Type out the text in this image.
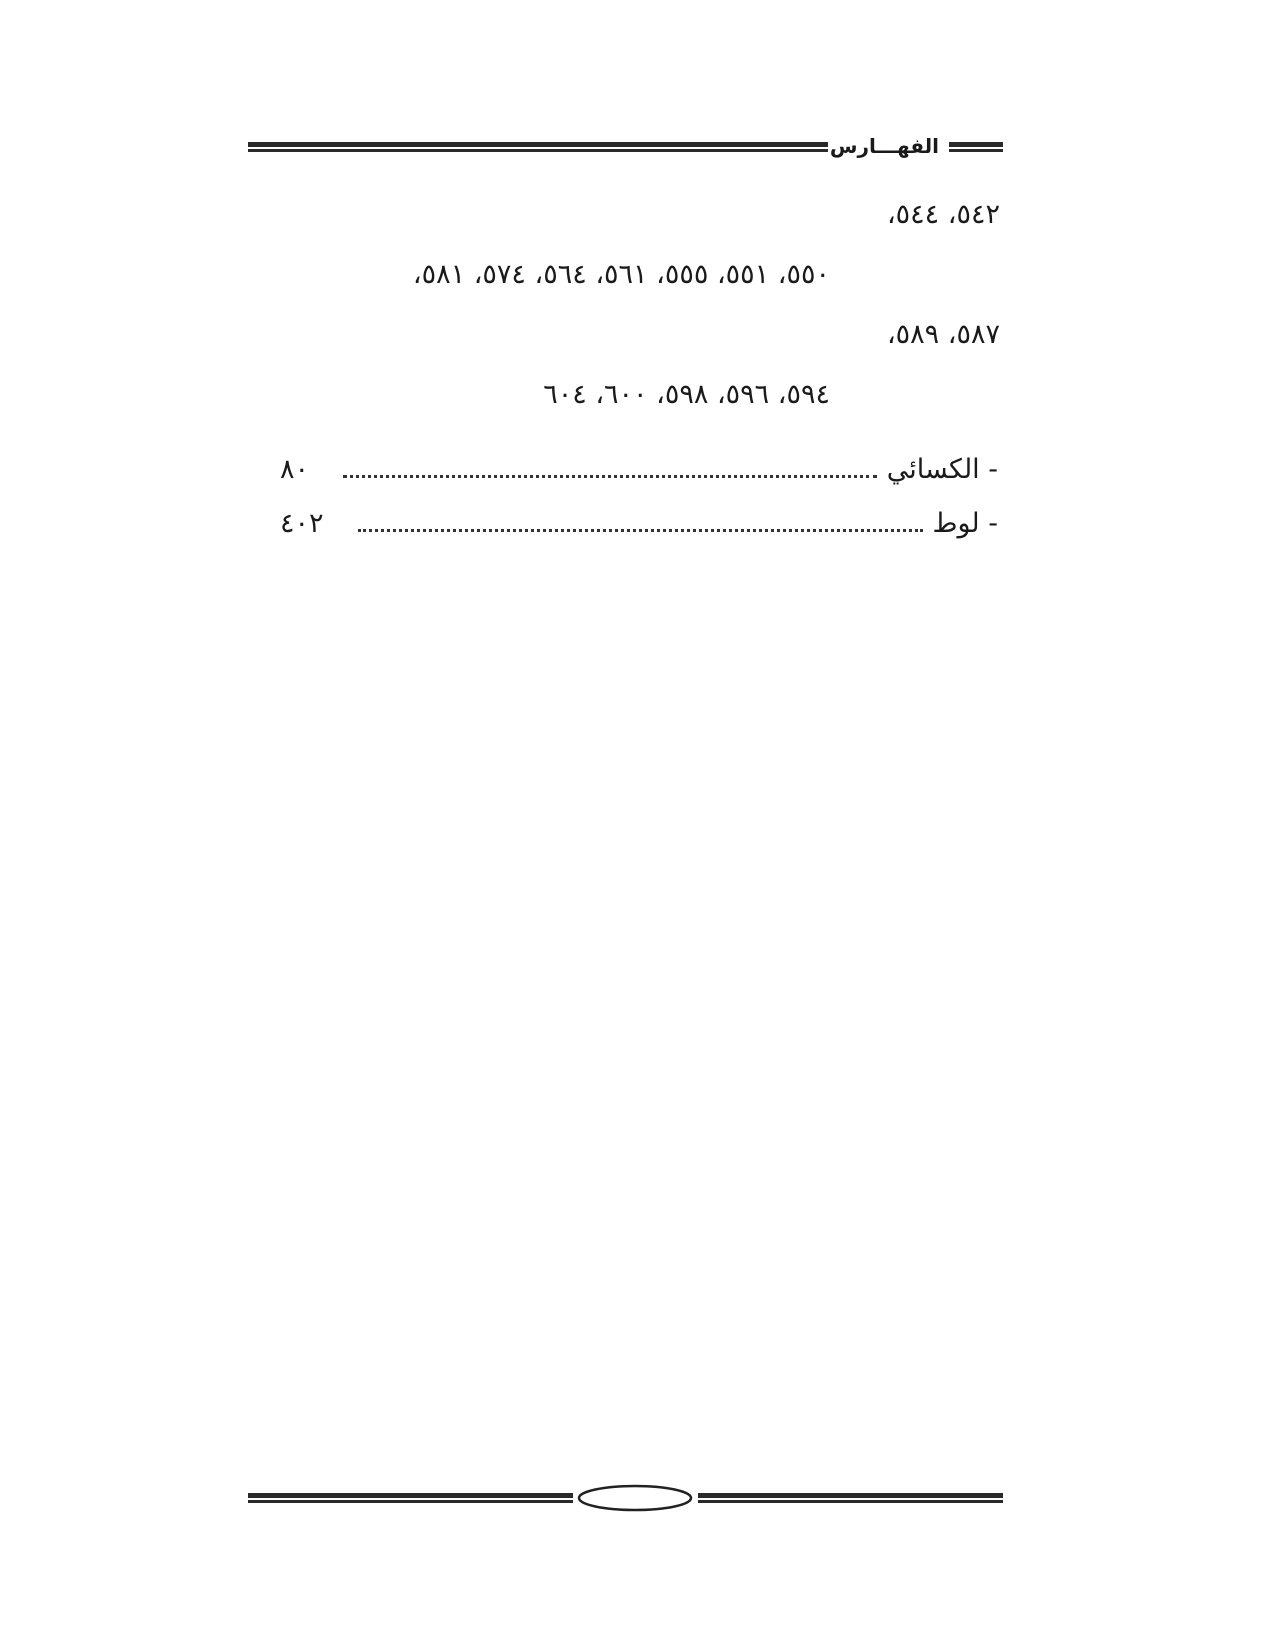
الفهـــارس
٥٤٢، ٥٤٤،
٥٥٠، ٥٥١، ٥٥٥، ٥٦١، ٥٦٤، ٥٧٤، ٥٨١،
٥٨٧، ٥٨٩،
٥٩٤، ٥٩٦، ٥٩٨، ٦٠٠، ٦٠٤
- الكسائي
٨٠
- لوط
٤٠٢
